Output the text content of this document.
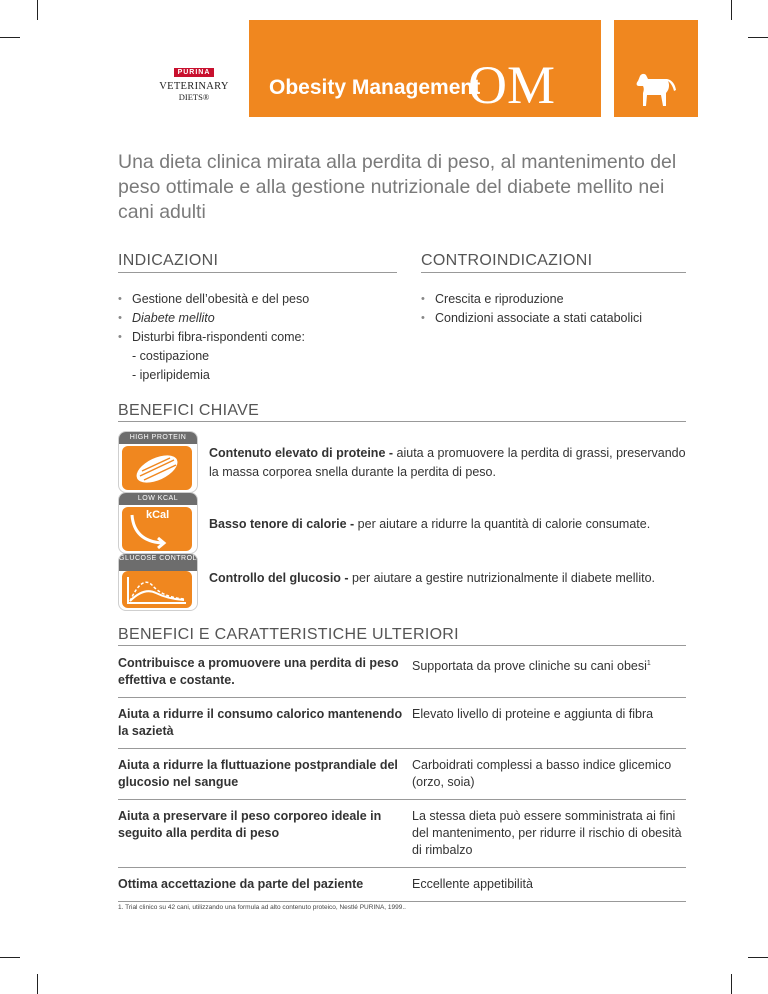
PURINA
VETERINARY
DIETS®	Obesity Management
OM
Una dieta clinica mirata alla perdita di peso, al mantenimento del peso ottimale e alla gestione nutrizionale del diabete mellito nei cani adulti
INDICAZIONI
• Gestione dell’obesità e del peso
• Diabete mellito
• Disturbi fibra-rispondenti come:
- costipazione
- iperlipidemia
CONTROINDICAZIONI
• Crescita e riproduzione
• Condizioni associate a stati catabolici
BENEFICI CHIAVE
HIGH PROTEIN
Contenuto elevato di proteine - aiuta a promuovere la perdita di grassi, preservando la massa corporea snella durante la perdita di peso.
LOW KCAL
kCal
Basso tenore di calorie - per aiutare a ridurre la quantità di calorie consumate.
GLUCOSE CONTROL
Controllo del glucosio - per aiutare a gestire nutrizionalmente il diabete mellito.
BENEFICI E CARATTERISTICHE ULTERIORI
Contribuisce a promuovere una perdita di peso effettiva e costante.	Supportata da prove cliniche su cani obesi$^1$
Aiuta a ridurre il consumo calorico mantenendo la sazietà	Elevato livello di proteine e aggiunta di fibra
Aiuta a ridurre la fluttuazione postprandiale del glucosio nel sangue	Carboidrati complessi a basso indice glicemico (orzo, soia)
Aiuta a preservare il peso corporeo ideale in seguito alla perdita di peso	La stessa dieta può essere somministrata ai fini del mantenimento, per ridurre il rischio di obesità di rimbalzo
Ottima accettazione da parte del paziente	Eccellente appetibilità
1. Trial clinico su 42 cani, utilizzando una formula ad alto contenuto proteico, Nestlé PURINA, 1999..
